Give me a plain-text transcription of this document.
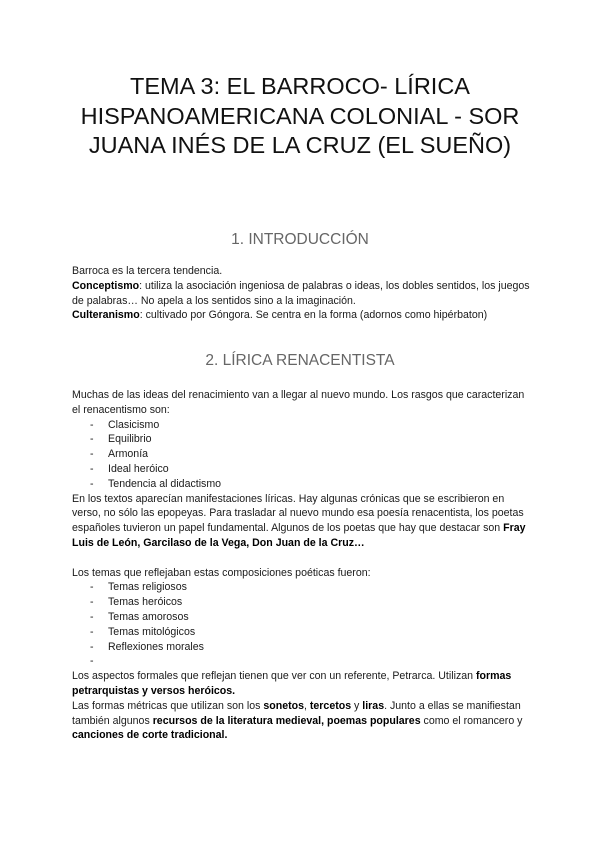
TEMA 3: EL BARROCO- LÍRICA HISPANOAMERICANA COLONIAL - SOR JUANA INÉS DE LA CRUZ (EL SUEÑO)
1. INTRODUCCIÓN

Barroca es la tercera tendencia.

Conceptismo: utiliza la asociación ingeniosa de palabras o ideas, los dobles sentidos, los juegos de palabras… No apela a los sentidos sino a la imaginación.

Culteranismo: cultivado por Góngora. Se centra en la forma (adornos como hipérbaton)

2. LÍRICA RENACENTISTA

Muchas de las ideas del renacimiento van a llegar al nuevo mundo. Los rasgos que caracterizan el renacentismo son:

- Clasicismo
- Equilibrio
- Armonía
- Ideal heróico
- Tendencia al didactismo

En los textos aparecían manifestaciones líricas. Hay algunas crónicas que se escribieron en verso, no sólo las epopeyas. Para trasladar al nuevo mundo esa poesía renacentista, los poetas españoles tuvieron un papel fundamental. Algunos de los poetas que hay que destacar son Fray Luis de León, Garcilaso de la Vega, Don Juan de la Cruz…

Los temas que reflejaban estas composiciones poéticas fueron:

- Temas religiosos
- Temas heróicos
- Temas amorosos
- Temas mitológicos
- Reflexiones morales
-

Los aspectos formales que reflejan tienen que ver con un referente, Petrarca. Utilizan formas petrarquistas y versos heróicos.

Las formas métricas que utilizan son los sonetos, tercetos y liras. Junto a ellas se manifiestan también algunos recursos de la literatura medieval, poemas populares como el romancero y canciones de corte tradicional.
